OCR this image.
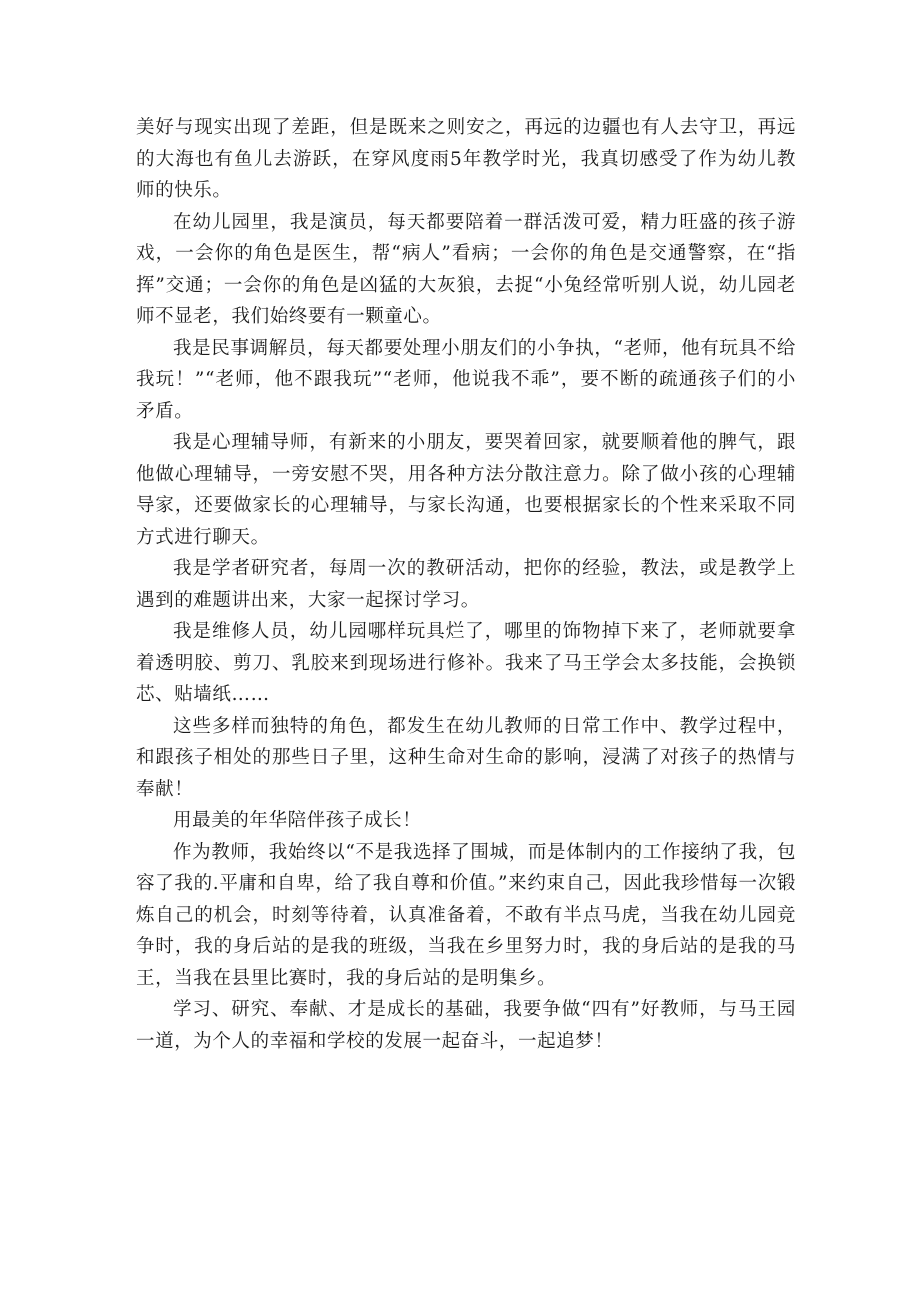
美好与现实出现了差距，但是既来之则安之，再远的边疆也有人去守卫，再远的大海也有鱼儿去游跃，在穿风度雨5年教学时光，我真切感受了作为幼儿教师的快乐。

在幼儿园里，我是演员，每天都要陪着一群活泼可爱，精力旺盛的孩子游戏，一会你的角色是医生，帮“病人”看病；一会你的角色是交通警察，在“指挥”交通；一会你的角色是凶猛的大灰狼，去捉“小兔经常听别人说，幼儿园老师不显老，我们始终要有一颗童心。

我是民事调解员，每天都要处理小朋友们的小争执，“老师，他有玩具不给我玩！”“老师，他不跟我玩”“老师，他说我不乖”，要不断的疏通孩子们的小矛盾。

我是心理辅导师，有新来的小朋友，要哭着回家，就要顺着他的脾气，跟他做心理辅导，一旁安慰不哭，用各种方法分散注意力。除了做小孩的心理辅导家，还要做家长的心理辅导，与家长沟通，也要根据家长的个性来采取不同方式进行聊天。

我是学者研究者，每周一次的教研活动，把你的经验，教法，或是教学上遇到的难题讲出来，大家一起探讨学习。

我是维修人员，幼儿园哪样玩具烂了，哪里的饰物掉下来了，老师就要拿着透明胶、剪刀、乳胶来到现场进行修补。我来了马王学会太多技能，会换锁芯、贴墙纸……

这些多样而独特的角色，都发生在幼儿教师的日常工作中、教学过程中，和跟孩子相处的那些日子里，这种生命对生命的影响，浸满了对孩子的热情与奉献！

用最美的年华陪伴孩子成长！

作为教师，我始终以“不是我选择了围城，而是体制内的工作接纳了我，包容了我的.平庸和自卑，给了我自尊和价值。”来约束自己，因此我珍惜每一次锻炼自己的机会，时刻等待着，认真准备着，不敢有半点马虎，当我在幼儿园竞争时，我的身后站的是我的班级，当我在乡里努力时，我的身后站的是我的马王，当我在县里比赛时，我的身后站的是明集乡。

学习、研究、奉献、才是成长的基础，我要争做“四有”好教师，与马王园一道，为个人的幸福和学校的发展一起奋斗，一起追梦！
